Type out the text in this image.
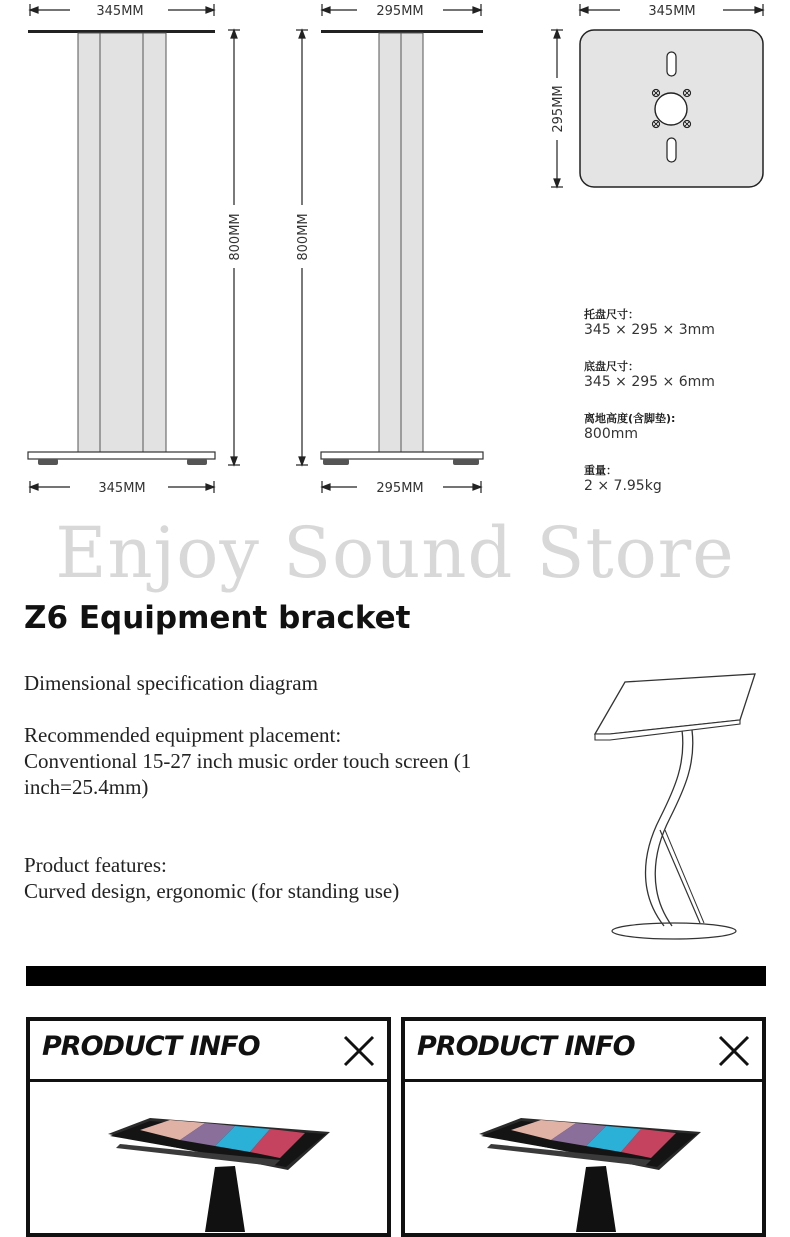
345MM	295MM	345MM
295MM
800MM	800MM
345MM	295MM
托盘尺寸：
345 × 295 × 3mm
底盘尺寸：
345 × 295 × 6mm
离地高度(含脚垫):
800mm
重量：
2 × 7.95kg
Enjoy Sound Store
Z6 Equipment bracket
Dimensional specification diagram
Recommended equipment placement:
Conventional 15-27 inch music order touch screen (1 inch=25.4mm)
Product features:
Curved design, ergonomic (for standing use)
PRODUCT INFO	PRODUCT INFO
